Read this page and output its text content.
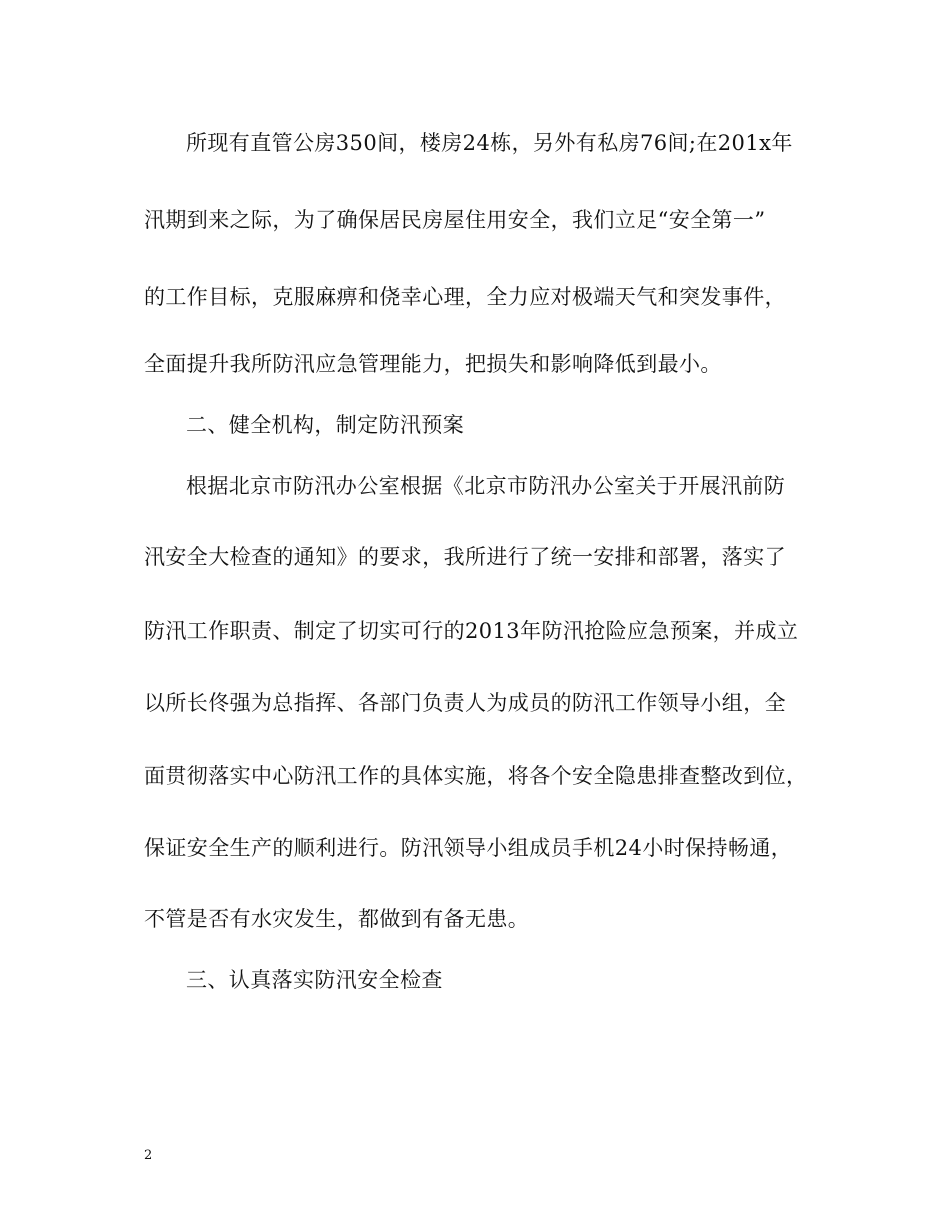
所现有直管公房350间，楼房24栋，另外有私房76间;在201x年
汛期到来之际，为了确保居民房屋住用安全，我们立足“安全第一”
的工作目标，克服麻痹和侥幸心理，全力应对极端天气和突发事件，
全面提升我所防汛应急管理能力，把损失和影响降低到最小。
二、健全机构，制定防汛预案
根据北京市防汛办公室根据《北京市防汛办公室关于开展汛前防
汛安全大检查的通知》的要求，我所进行了统一安排和部署，落实了
防汛工作职责、制定了切实可行的2013年防汛抢险应急预案，并成立
以所长佟强为总指挥、各部门负责人为成员的防汛工作领导小组，全
面贯彻落实中心防汛工作的具体实施，将各个安全隐患排查整改到位，
保证安全生产的顺利进行。防汛领导小组成员手机24小时保持畅通，
不管是否有水灾发生，都做到有备无患。
三、认真落实防汛安全检查
2
